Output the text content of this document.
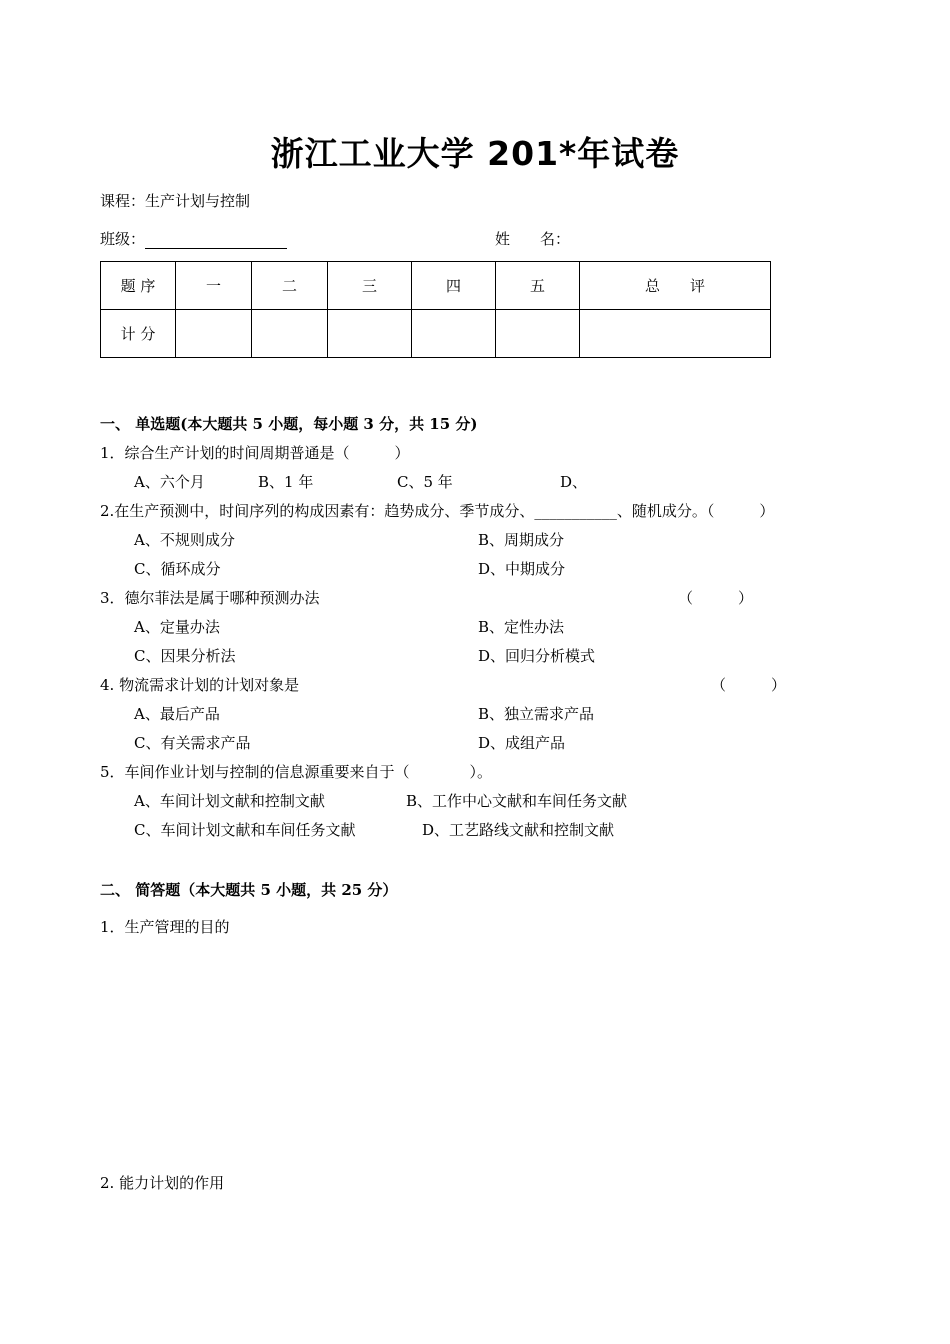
浙江工业大学 201*年试卷
课程：生产计划与控制
班级：	姓　　名：
题 序	一	二	三	四	五	总　　评
计 分						
一、 单选题(本大题共 5 小题，每小题 3 分，共 15 分)
1．综合生产计划的时间周期普通是（　　　）
A、六个月	B、1 年	C、5 年	D、
2.在生产预测中，时间序列的构成因素有：趋势成分、季节成分、___________、随机成分。（　　　）
A、不规则成分	B、周期成分
C、循环成分	D、中期成分
3．德尔菲法是属于哪种预测办法	（　　　）
A、定量办法	B、定性办法
C、因果分析法	D、回归分析模式
4. 物流需求计划的计划对象是	（　　　）
A、最后产品	B、独立需求产品
C、有关需求产品	D、成组产品
5．车间作业计划与控制的信息源重要来自于（　　　　）。
A、车间计划文献和控制文献	B、工作中心文献和车间任务文献
C、车间计划文献和车间任务文献	D、工艺路线文献和控制文献
二、 简答题（本大题共 5 小题，共 25 分）
1．生产管理的目的
2. 能力计划的作用
